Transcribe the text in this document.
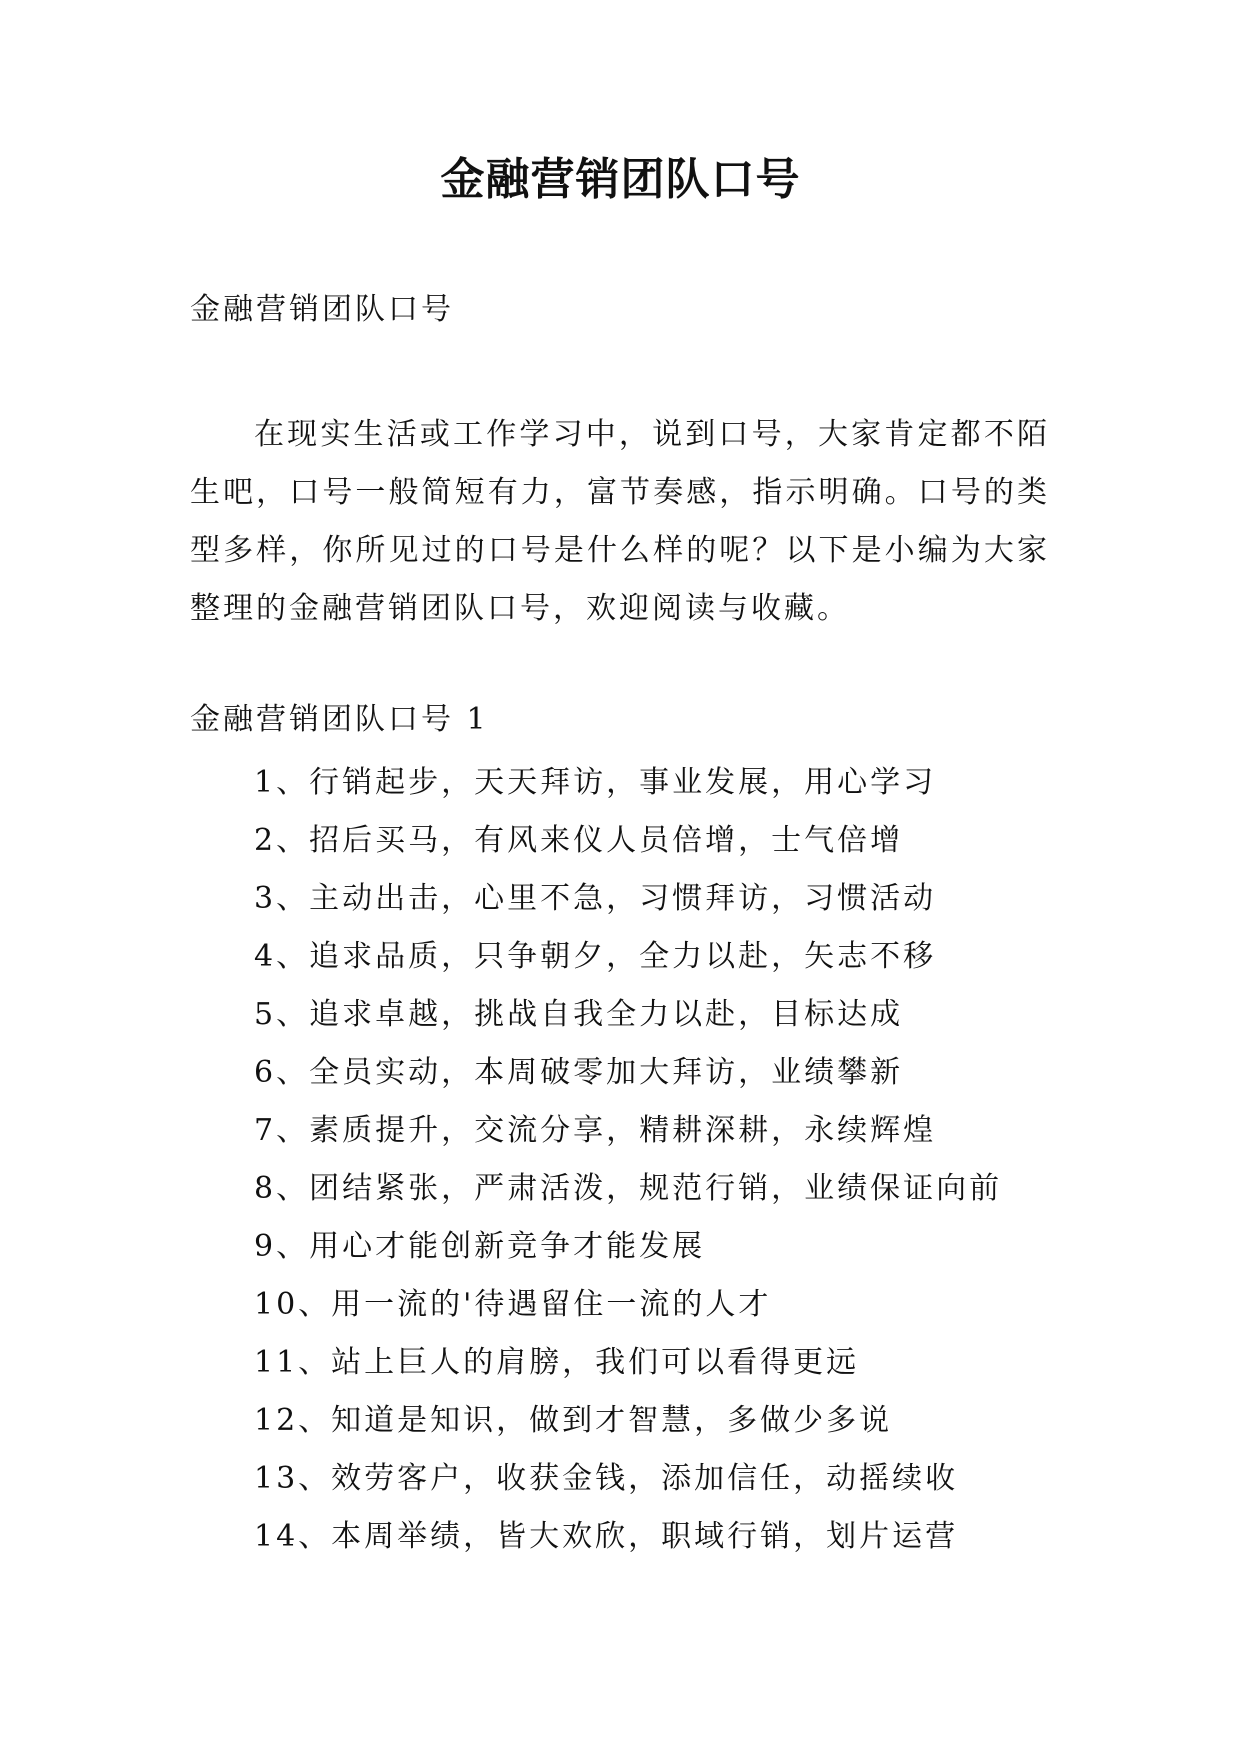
金融营销团队口号
金融营销团队口号

在现实生活或工作学习中，说到口号，大家肯定都不陌生吧，口号一般简短有力，富节奏感，指示明确。口号的类型多样，你所见过的口号是什么样的呢？以下是小编为大家整理的金融营销团队口号，欢迎阅读与收藏。

金融营销团队口号 1
1、行销起步，天天拜访，事业发展，用心学习
2、招后买马，有风来仪人员倍增，士气倍增
3、主动出击，心里不急，习惯拜访，习惯活动
4、追求品质，只争朝夕，全力以赴，矢志不移
5、追求卓越，挑战自我全力以赴，目标达成
6、全员实动，本周破零加大拜访，业绩攀新
7、素质提升，交流分享，精耕深耕，永续辉煌
8、团结紧张，严肃活泼，规范行销，业绩保证向前
9、用心才能创新竞争才能发展
10、用一流的'待遇留住一流的人才
11、站上巨人的肩膀，我们可以看得更远
12、知道是知识，做到才智慧，多做少多说
13、效劳客户，收获金钱，添加信任，动摇续收
14、本周举绩，皆大欢欣，职域行销，划片运营
